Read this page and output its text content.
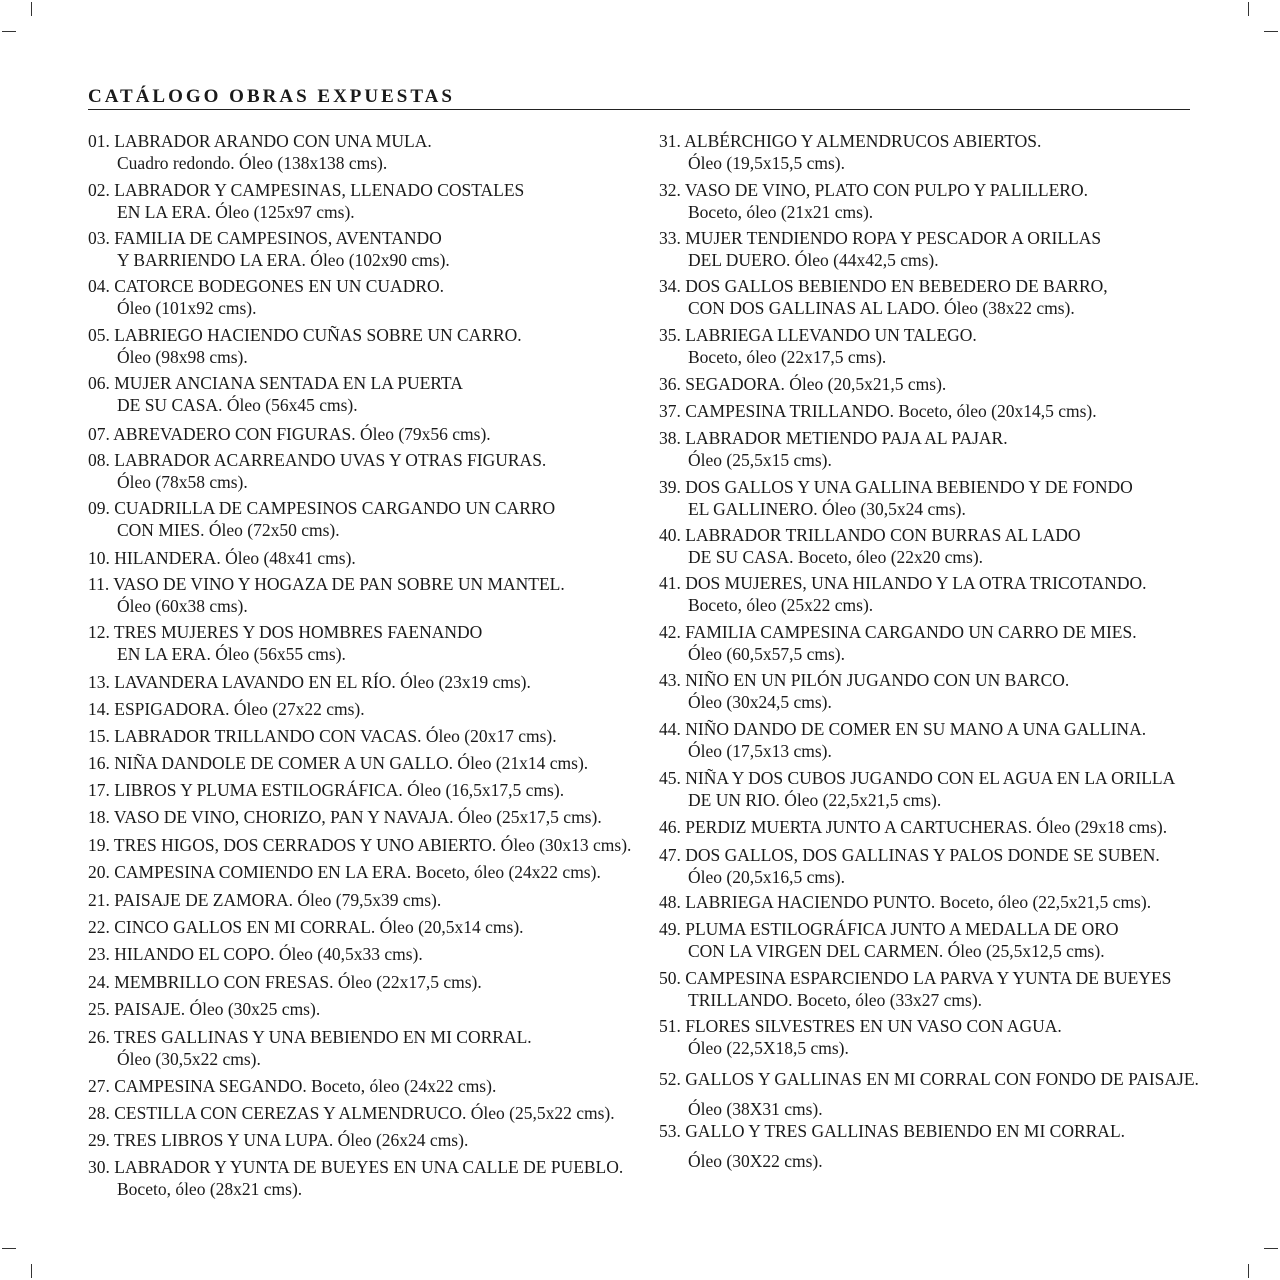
CATÁLOGO OBRAS EXPUESTAS
01. LABRADOR ARANDO CON UNA MULA.
Cuadro redondo. Óleo (138x138 cms).
02. LABRADOR Y CAMPESINAS, LLENADO COSTALES
EN LA ERA. Óleo (125x97 cms).
03. FAMILIA DE CAMPESINOS, AVENTANDO
Y BARRIENDO LA ERA. Óleo (102x90 cms).
04. CATORCE BODEGONES EN UN CUADRO.
Óleo (101x92 cms).
05. LABRIEGO HACIENDO CUÑAS SOBRE UN CARRO.
Óleo (98x98 cms).
06. MUJER ANCIANA SENTADA EN LA PUERTA
DE SU CASA. Óleo (56x45 cms).
07. ABREVADERO CON FIGURAS. Óleo (79x56 cms).
08. LABRADOR ACARREANDO UVAS Y OTRAS FIGURAS.
Óleo (78x58 cms).
09. CUADRILLA DE CAMPESINOS CARGANDO UN CARRO
CON MIES. Óleo (72x50 cms).
10. HILANDERA. Óleo (48x41 cms).
11. VASO DE VINO Y HOGAZA DE PAN SOBRE UN MANTEL.
Óleo (60x38 cms).
12. TRES MUJERES Y DOS HOMBRES FAENANDO
EN LA ERA. Óleo (56x55 cms).
13. LAVANDERA LAVANDO EN EL RÍO. Óleo (23x19 cms).
14. ESPIGADORA. Óleo (27x22 cms).
15. LABRADOR TRILLANDO CON VACAS. Óleo (20x17 cms).
16. NIÑA DANDOLE DE COMER A UN GALLO. Óleo (21x14 cms).
17. LIBROS Y PLUMA ESTILOGRÁFICA. Óleo (16,5x17,5 cms).
18. VASO DE VINO, CHORIZO, PAN Y NAVAJA. Óleo (25x17,5 cms).
19. TRES HIGOS, DOS CERRADOS Y UNO ABIERTO. Óleo (30x13 cms).
20. CAMPESINA COMIENDO EN LA ERA. Boceto, óleo (24x22 cms).
21. PAISAJE DE ZAMORA. Óleo (79,5x39 cms).
22. CINCO GALLOS EN MI CORRAL. Óleo (20,5x14 cms).
23. HILANDO EL COPO. Óleo (40,5x33 cms).
24. MEMBRILLO CON FRESAS. Óleo (22x17,5 cms).
25. PAISAJE. Óleo (30x25 cms).
26. TRES GALLINAS Y UNA BEBIENDO EN MI CORRAL.
Óleo (30,5x22 cms).
27. CAMPESINA SEGANDO. Boceto, óleo (24x22 cms).
28. CESTILLA CON CEREZAS Y ALMENDRUCO. Óleo (25,5x22 cms).
29. TRES LIBROS Y UNA LUPA. Óleo (26x24 cms).
30. LABRADOR Y YUNTA DE BUEYES EN UNA CALLE DE PUEBLO.
Boceto, óleo (28x21 cms).
31. ALBÉRCHIGO Y ALMENDRUCOS ABIERTOS.
Óleo (19,5x15,5 cms).
32. VASO DE VINO, PLATO CON PULPO Y PALILLERO.
Boceto, óleo (21x21 cms).
33. MUJER TENDIENDO ROPA Y PESCADOR A ORILLAS
DEL DUERO. Óleo (44x42,5 cms).
34. DOS GALLOS BEBIENDO EN BEBEDERO DE BARRO,
CON DOS GALLINAS AL LADO. Óleo (38x22 cms).
35. LABRIEGA LLEVANDO UN TALEGO.
Boceto, óleo (22x17,5 cms).
36. SEGADORA. Óleo (20,5x21,5 cms).
37. CAMPESINA TRILLANDO. Boceto, óleo (20x14,5 cms).
38. LABRADOR METIENDO PAJA AL PAJAR.
Óleo (25,5x15 cms).
39. DOS GALLOS Y UNA GALLINA BEBIENDO Y DE FONDO
EL GALLINERO. Óleo (30,5x24 cms).
40. LABRADOR TRILLANDO CON BURRAS AL LADO
DE SU CASA. Boceto, óleo (22x20 cms).
41. DOS MUJERES, UNA HILANDO Y LA OTRA TRICOTANDO.
Boceto, óleo (25x22 cms).
42. FAMILIA CAMPESINA CARGANDO UN CARRO DE MIES.
Óleo (60,5x57,5 cms).
43. NIÑO EN UN PILÓN JUGANDO CON UN BARCO.
Óleo (30x24,5 cms).
44. NIÑO DANDO DE COMER EN SU MANO A UNA GALLINA.
Óleo (17,5x13 cms).
45. NIÑA Y DOS CUBOS JUGANDO CON EL AGUA EN LA ORILLA
DE UN RIO. Óleo (22,5x21,5 cms).
46. PERDIZ MUERTA JUNTO A CARTUCHERAS. Óleo (29x18 cms).
47. DOS GALLOS, DOS GALLINAS Y PALOS DONDE SE SUBEN.
Óleo (20,5x16,5 cms).
48. LABRIEGA HACIENDO PUNTO. Boceto, óleo (22,5x21,5 cms).
49. PLUMA ESTILOGRÁFICA JUNTO A MEDALLA DE ORO
CON LA VIRGEN DEL CARMEN. Óleo (25,5x12,5 cms).
50. CAMPESINA ESPARCIENDO LA PARVA Y YUNTA DE BUEYES
TRILLANDO. Boceto, óleo (33x27 cms).
51. FLORES SILVESTRES EN UN VASO CON AGUA.
Óleo (22,5X18,5 cms).
52. GALLOS Y GALLINAS EN MI CORRAL CON FONDO DE PAISAJE.
Óleo (38X31 cms).
53. GALLO Y TRES GALLINAS BEBIENDO EN MI CORRAL.
Óleo (30X22 cms).
